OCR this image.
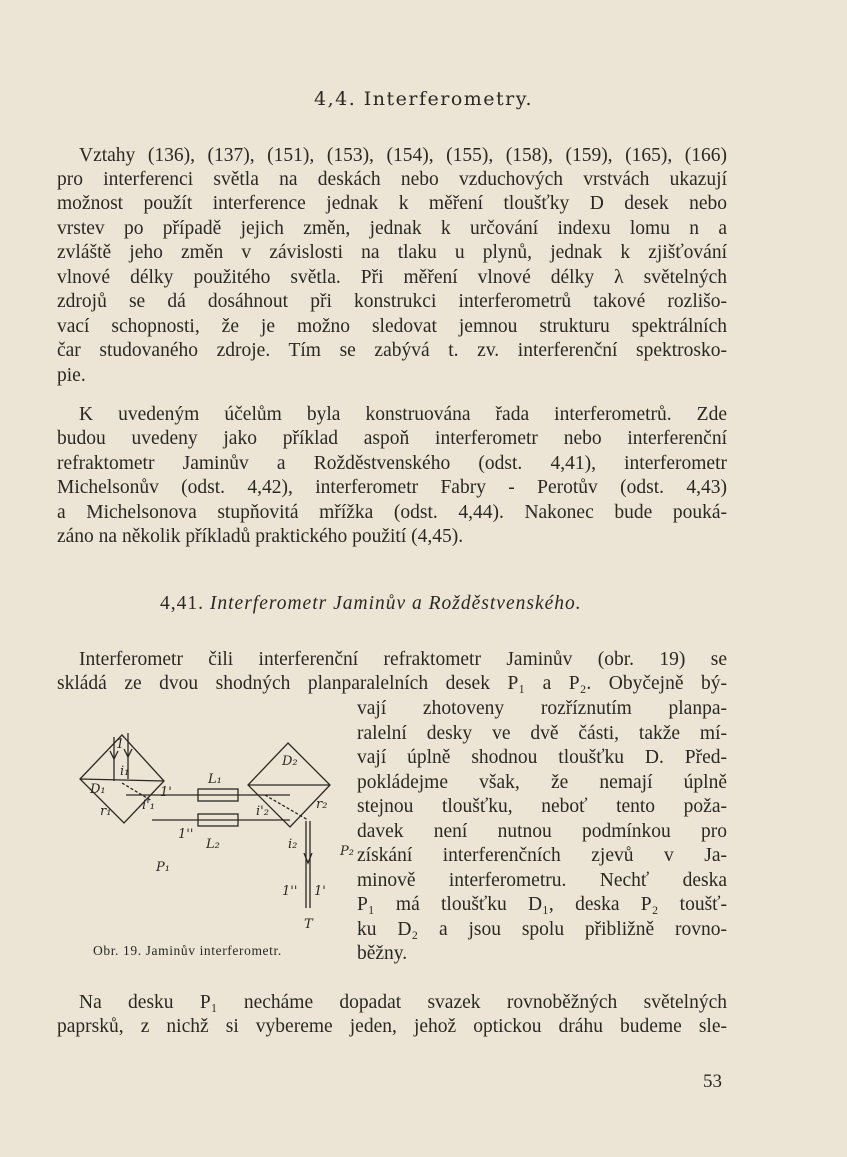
4,4. Interferometry.
Vztahy (136), (137), (151), (153), (154), (155), (158), (159), (165), (166)
pro interferenci světla na deskách nebo vzduchových vrstvách ukazují
možnost použít interference jednak k měření tloušťky D desek nebo
vrstev po případě jejich změn, jednak k určování indexu lomu n a
zvláště jeho změn v závislosti na tlaku u plynů, jednak k zjišťování
vlnové délky použitého světla. Při měření vlnové délky λ světelných
zdrojů se dá dosáhnout při konstrukci interferometrů takové rozlišo-
vací schopnosti, že je možno sledovat jemnou strukturu spektrálních
čar studovaného zdroje. Tím se zabývá t. zv. interferenční spektrosko-
pie.
K uvedeným účelům byla konstruována řada interferometrů. Zde
budou uvedeny jako příklad aspoň interferometr nebo interferenční
refraktometr Jaminův a Rožděstvenského (odst. 4,41), interferometr
Michelsonův (odst. 4,42), interferometr Fabry - Perotův (odst. 4,43)
a Michelsonova stupňovitá mřížka (odst. 4,44). Nakonec bude pouká-
záno na několik příkladů praktického použití (4,45).
4,41. Interferometr Jaminův a Rožděstvenského.
Interferometr čili interferenční refraktometr Jaminův (obr. 19) se
skládá ze dvou shodných planparalelních desek P₁ a P₂. Obyčejně bý-
vají zhotoveny rozříznutím planpa-
ralelní desky ve dvě části, takže mí-
vají úplně shodnou tloušťku D. Před-
pokládejme však, že nemají úplně
stejnou tloušťku, neboť tento poža-
davek není nutnou podmínkou pro
získání interferenčních zjevů v Ja-
minově interferometru. Nechť deska
P₁ má tloušťku D₁, deska P₂ toušť-
ku D₂ a jsou spolu přibližně rovno-
běžny.
1
1'
1''
L₁
L₂
P₁
P₂
D₁
D₂
i₁
i'₁
i₂
i'₂
r₁	r₂
1'' 1'
T
Obr. 19. Jaminův interferometr.
Na desku P₁ necháme dopadat svazek rovnoběžných světelných
paprsků, z nichž si vybereme jeden, jehož optickou dráhu budeme sle-
53
